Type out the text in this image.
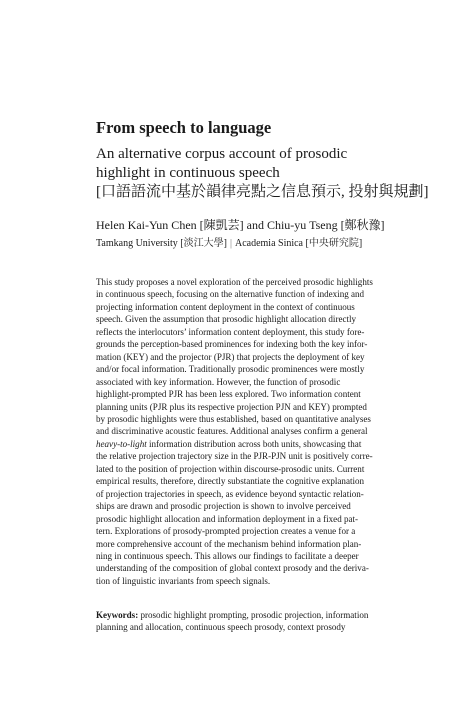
From speech to language
An alternative corpus account of prosodic
highlight in continuous speech
[口語語流中基於韻律亮點之信息預示, 投射與規劃]
Helen Kai-Yun Chen [陳凱芸] and Chiu-yu Tseng [鄭秋豫]
Tamkang University [淡江大學] | Academia Sinica [中央研究院]
This study proposes a novel exploration of the perceived prosodic highlights
in continuous speech, focusing on the alternative function of indexing and
projecting information content deployment in the context of continuous
speech. Given the assumption that prosodic highlight allocation directly
reflects the interlocutors’ information content deployment, this study fore-
grounds the perception-based prominences for indexing both the key infor-
mation (KEY) and the projector (PJR) that projects the deployment of key
and/or focal information. Traditionally prosodic prominences were mostly
associated with key information. However, the function of prosodic
highlight-prompted PJR has been less explored. Two information content
planning units (PJR plus its respective projection PJN and KEY) prompted
by prosodic highlights were thus established, based on quantitative analyses
and discriminative acoustic features. Additional analyses confirm a general
heavy-to-light information distribution across both units, showcasing that
the relative projection trajectory size in the PJR-PJN unit is positively corre-
lated to the position of projection within discourse-prosodic units. Current
empirical results, therefore, directly substantiate the cognitive explanation
of projection trajectories in speech, as evidence beyond syntactic relation-
ships are drawn and prosodic projection is shown to involve perceived
prosodic highlight allocation and information deployment in a fixed pat-
tern. Explorations of prosody-prompted projection creates a venue for a
more comprehensive account of the mechanism behind information plan-
ning in continuous speech. This allows our findings to facilitate a deeper
understanding of the composition of global context prosody and the deriva-
tion of linguistic invariants from speech signals.
Keywords: prosodic highlight prompting, prosodic projection, information
planning and allocation, continuous speech prosody, context prosody
